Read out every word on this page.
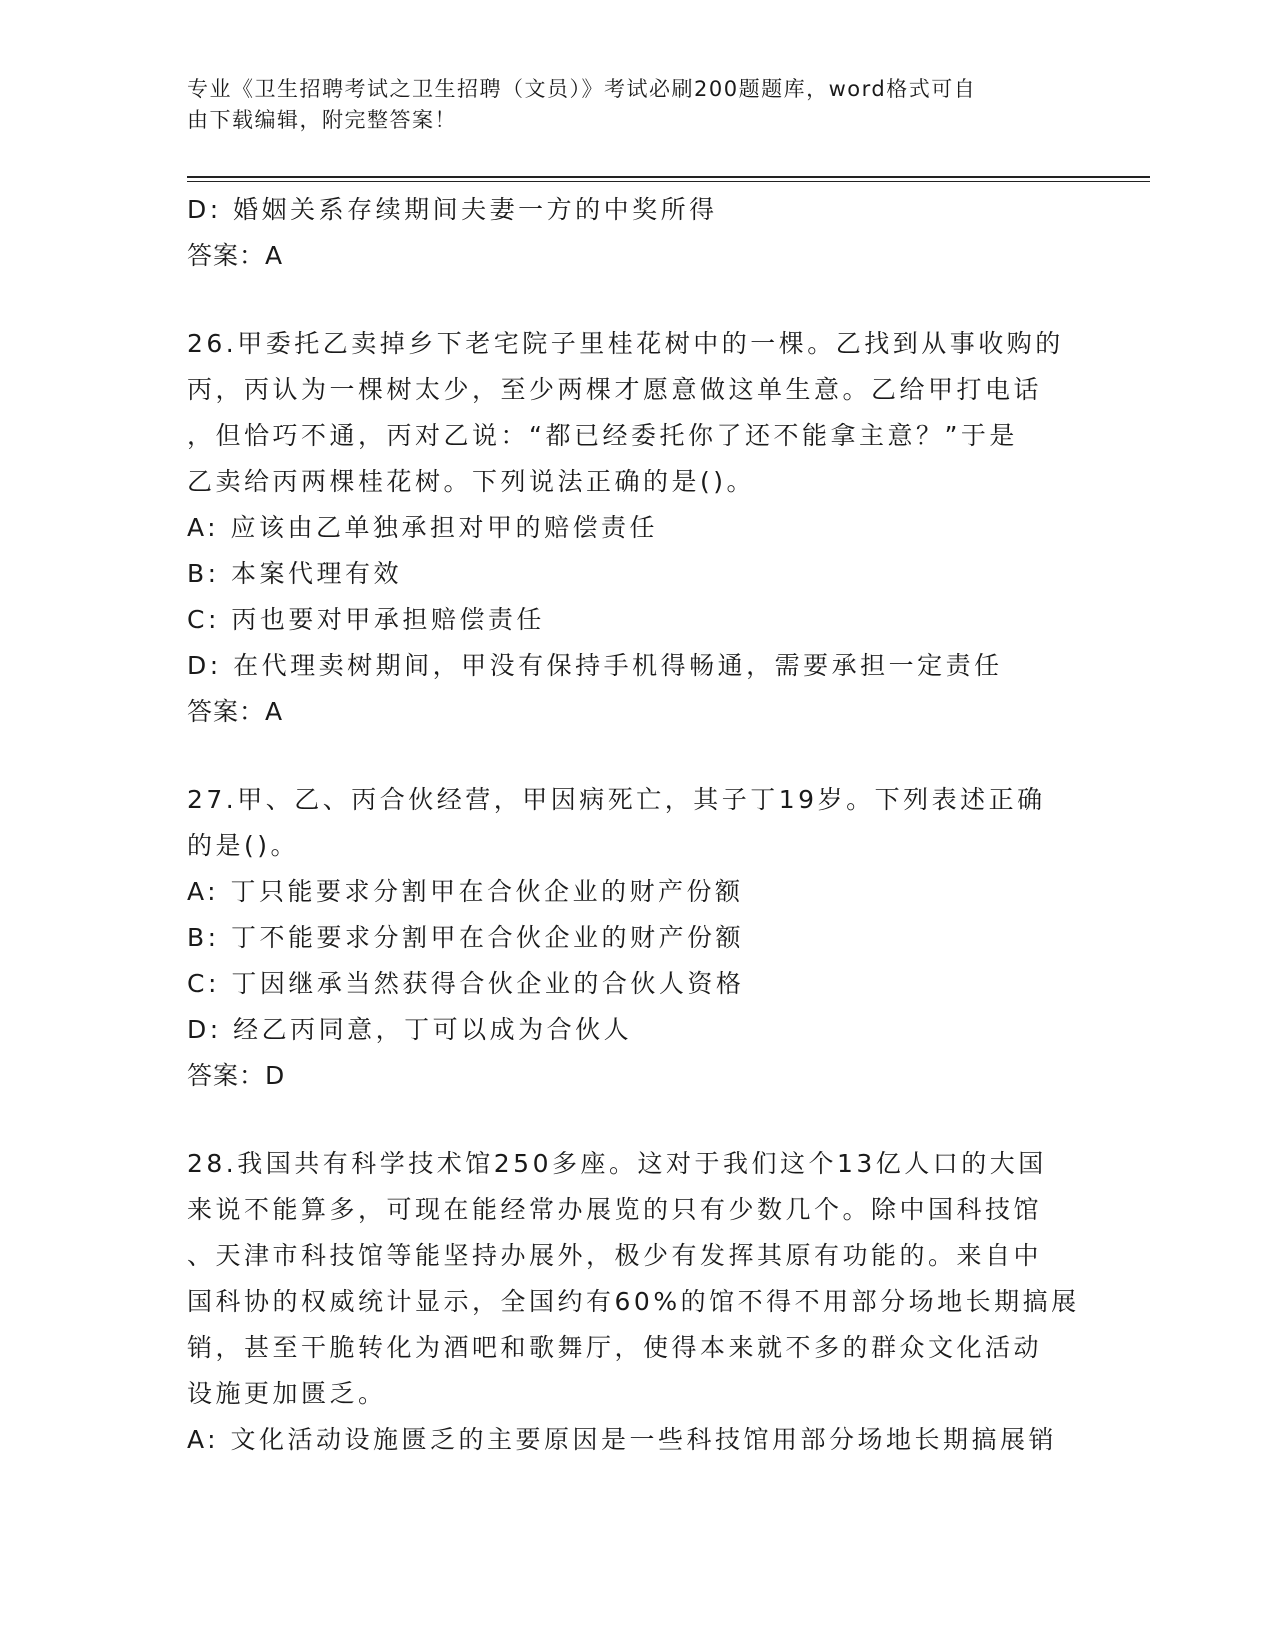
专业《卫生招聘考试之卫生招聘（文员）》考试必刷200题题库，word格式可自
由下载编辑，附完整答案！
D: 婚姻关系存续期间夫妻一方的中奖所得
答案：A
26.甲委托乙卖掉乡下老宅院子里桂花树中的一棵。乙找到从事收购的
丙，丙认为一棵树太少，至少两棵才愿意做这单生意。乙给甲打电话
，但恰巧不通，丙对乙说：“都已经委托你了还不能拿主意？”于是
乙卖给丙两棵桂花树。下列说法正确的是()。
A: 应该由乙单独承担对甲的赔偿责任
B: 本案代理有效
C: 丙也要对甲承担赔偿责任
D: 在代理卖树期间，甲没有保持手机得畅通，需要承担一定责任
答案：A
27.甲、乙、丙合伙经营，甲因病死亡，其子丁19岁。下列表述正确
的是()。
A: 丁只能要求分割甲在合伙企业的财产份额
B: 丁不能要求分割甲在合伙企业的财产份额
C: 丁因继承当然获得合伙企业的合伙人资格
D: 经乙丙同意，丁可以成为合伙人
答案：D
28.我国共有科学技术馆250多座。这对于我们这个13亿人口的大国
来说不能算多，可现在能经常办展览的只有少数几个。除中国科技馆
、天津市科技馆等能坚持办展外，极少有发挥其原有功能的。来自中
国科协的权威统计显示，全国约有60%的馆不得不用部分场地长期搞展
销，甚至干脆转化为酒吧和歌舞厅，使得本来就不多的群众文化活动
设施更加匮乏。
A: 文化活动设施匮乏的主要原因是一些科技馆用部分场地长期搞展销
